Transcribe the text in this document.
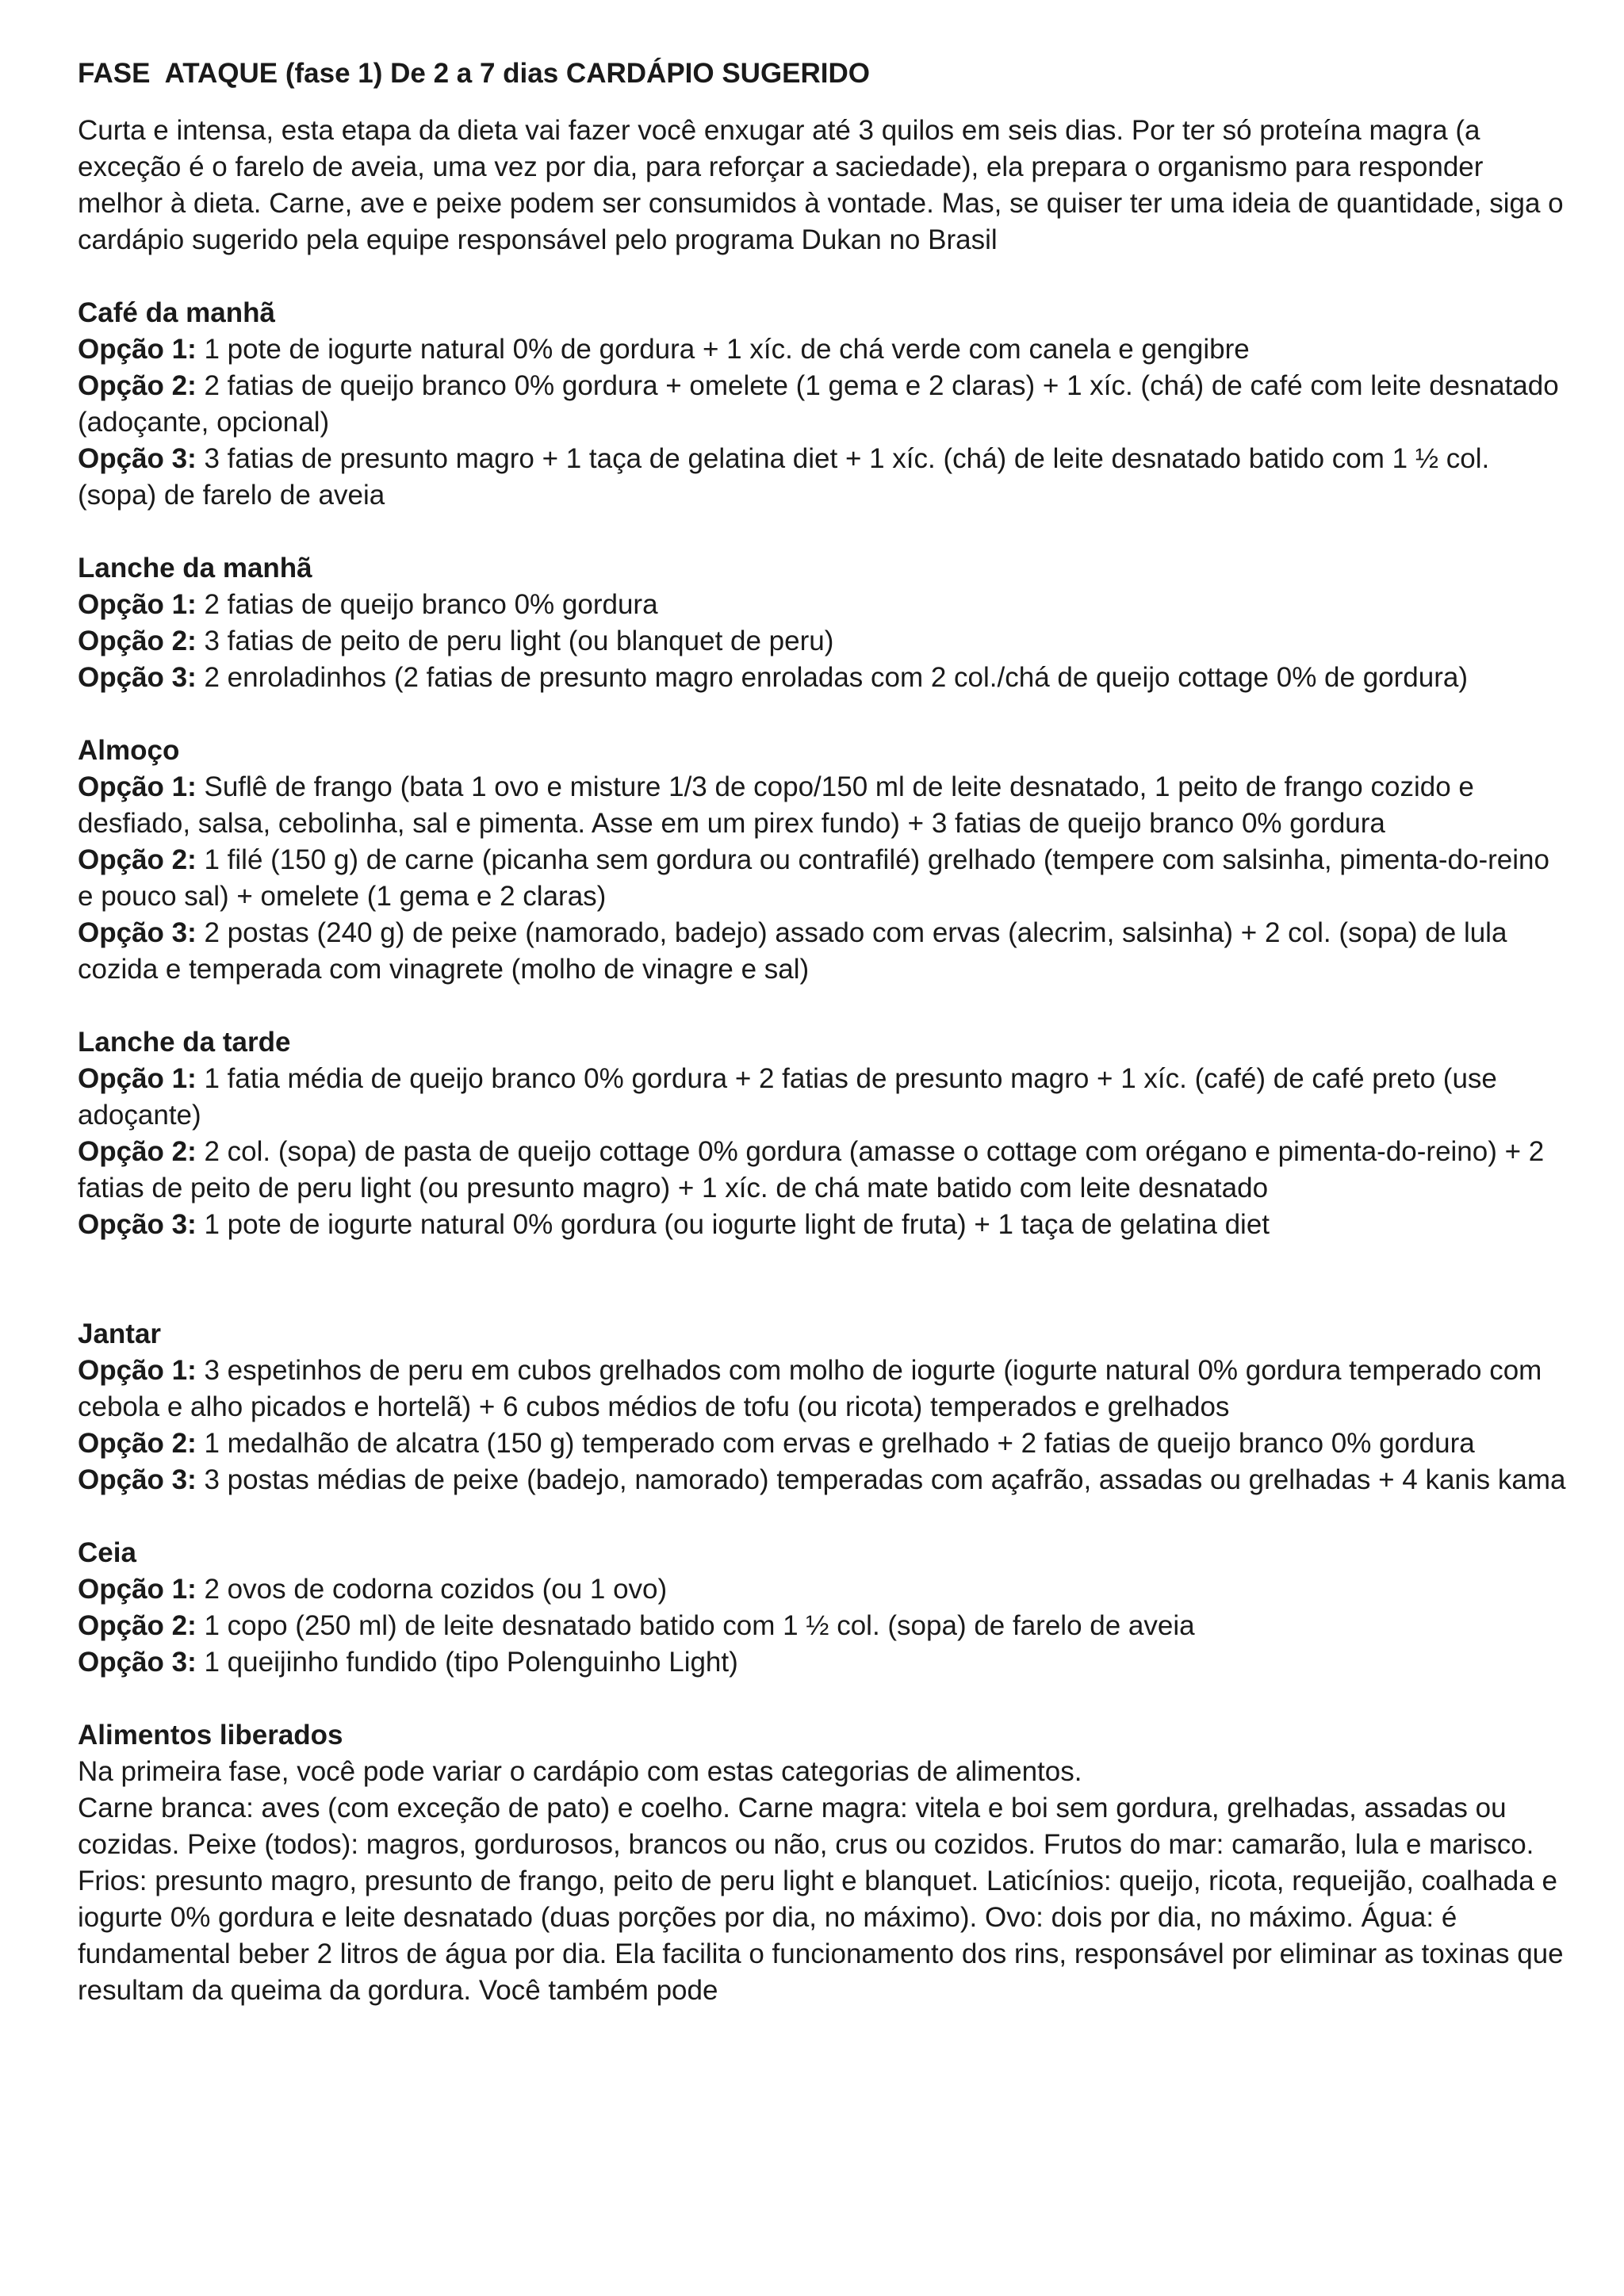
FASE  ATAQUE (fase 1) De 2 a 7 dias CARDÁPIO SUGERIDO

Curta e intensa, esta etapa da dieta vai fazer você enxugar até 3 quilos em seis dias. Por ter só proteína magra (a exceção é o farelo de aveia, uma vez por dia, para reforçar a saciedade), ela prepara o organismo para responder melhor à dieta. Carne, ave e peixe podem ser consumidos à vontade. Mas, se quiser ter uma ideia de quantidade, siga o cardápio sugerido pela equipe responsável pelo programa Dukan no Brasil

Café da manhã
Opção 1: 1 pote de iogurte natural 0% de gordura + 1 xíc. de chá verde com canela e gengibre
Opção 2: 2 fatias de queijo branco 0% gordura + omelete (1 gema e 2 claras) + 1 xíc. (chá) de café com leite desnatado (adoçante, opcional)
Opção 3: 3 fatias de presunto magro + 1 taça de gelatina diet + 1 xíc. (chá) de leite desnatado batido com 1 ½ col. (sopa) de farelo de aveia
Lanche da manhã
Opção 1: 2 fatias de queijo branco 0% gordura
Opção 2: 3 fatias de peito de peru light (ou blanquet de peru)
Opção 3: 2 enroladinhos (2 fatias de presunto magro enroladas com 2 col./chá de queijo cottage 0% de gordura)
Almoço
Opção 1: Suflê de frango (bata 1 ovo e misture 1/3 de copo/150 ml de leite desnatado, 1 peito de frango cozido e desfiado, salsa, cebolinha, sal e pimenta. Asse em um pirex fundo) + 3 fatias de queijo branco 0% gordura
Opção 2: 1 filé (150 g) de carne (picanha sem gordura ou contrafilé) grelhado (tempere com salsinha, pimenta-do-reino e pouco sal) + omelete (1 gema e 2 claras)
Opção 3: 2 postas (240 g) de peixe (namorado, badejo) assado com ervas (alecrim, salsinha) + 2 col. (sopa) de lula cozida e temperada com vinagrete (molho de vinagre e sal)
Lanche da tarde
Opção 1: 1 fatia média de queijo branco 0% gordura + 2 fatias de presunto magro + 1 xíc. (café) de café preto (use adoçante)
Opção 2: 2 col. (sopa) de pasta de queijo cottage 0% gordura (amasse o cottage com orégano e pimenta-do-reino) + 2 fatias de peito de peru light (ou presunto magro) + 1 xíc. de chá mate batido com leite desnatado
Opção 3: 1 pote de iogurte natural 0% gordura (ou iogurte light de fruta) + 1 taça de gelatina diet
Jantar
Opção 1: 3 espetinhos de peru em cubos grelhados com molho de iogurte (iogurte natural 0% gordura temperado com cebola e alho picados e hortelã) + 6 cubos médios de tofu (ou ricota) temperados e grelhados
Opção 2: 1 medalhão de alcatra (150 g) temperado com ervas e grelhado + 2 fatias de queijo branco 0% gordura
Opção 3: 3 postas médias de peixe (badejo, namorado) temperadas com açafrão, assadas ou grelhadas + 4 kanis kama
Ceia
Opção 1: 2 ovos de codorna cozidos (ou 1 ovo)
Opção 2: 1 copo (250 ml) de leite desnatado batido com 1 ½ col. (sopa) de farelo de aveia
Opção 3: 1 queijinho fundido (tipo Polenguinho Light)
Alimentos liberados

Na primeira fase, você pode variar o cardápio com estas categorias de alimentos.

Carne branca: aves (com exceção de pato) e coelho. Carne magra: vitela e boi sem gordura, grelhadas, assadas ou cozidas. Peixe (todos): magros, gordurosos, brancos ou não, crus ou cozidos. Frutos do mar: camarão, lula e marisco. Frios: presunto magro, presunto de frango, peito de peru light e blanquet. Laticínios: queijo, ricota, requeijão, coalhada e iogurte 0% gordura e leite desnatado (duas porções por dia, no máximo). Ovo: dois por dia, no máximo. Água: é fundamental beber 2 litros de água por dia. Ela facilita o funcionamento dos rins, responsável por eliminar as toxinas que resultam da queima da gordura. Você também pode
